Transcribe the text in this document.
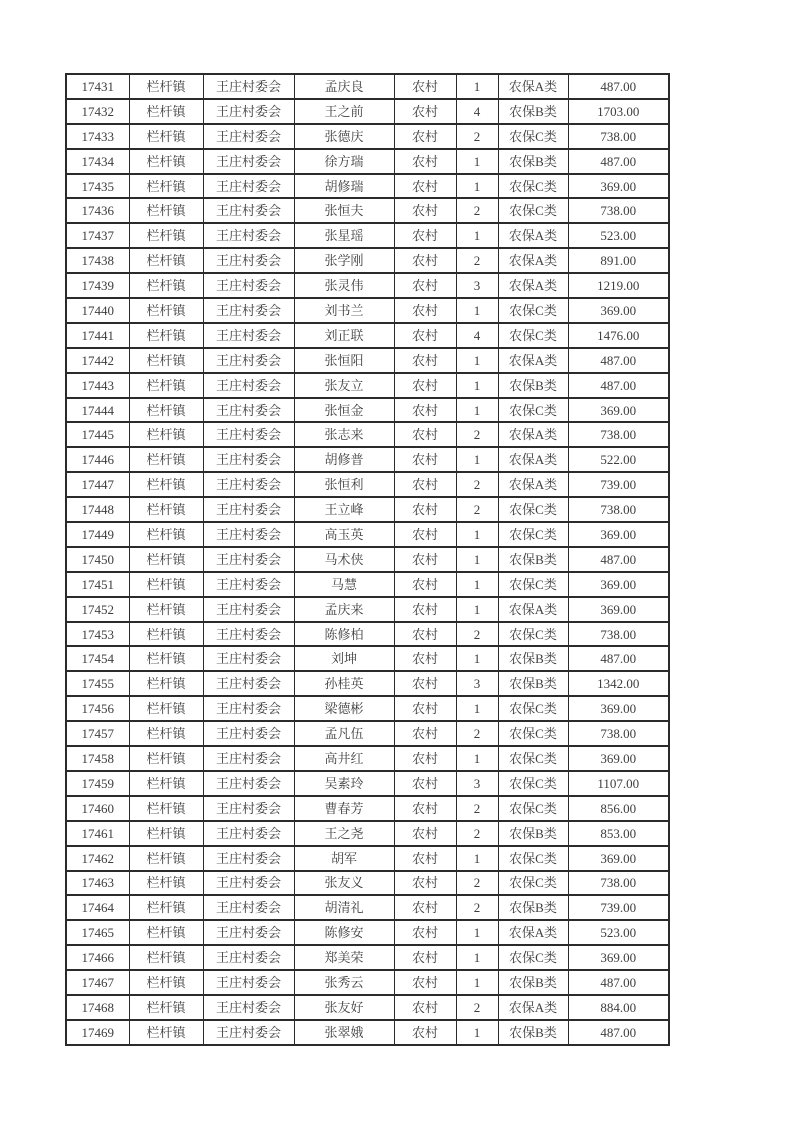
17431	栏杆镇	王庄村委会	孟庆良	农村	1	农保A类	487.00
17432	栏杆镇	王庄村委会	王之前	农村	4	农保B类	1703.00
17433	栏杆镇	王庄村委会	张德庆	农村	2	农保C类	738.00
17434	栏杆镇	王庄村委会	徐方瑞	农村	1	农保B类	487.00
17435	栏杆镇	王庄村委会	胡修瑞	农村	1	农保C类	369.00
17436	栏杆镇	王庄村委会	张恒夫	农村	2	农保C类	738.00
17437	栏杆镇	王庄村委会	张星瑶	农村	1	农保A类	523.00
17438	栏杆镇	王庄村委会	张学刚	农村	2	农保A类	891.00
17439	栏杆镇	王庄村委会	张灵伟	农村	3	农保A类	1219.00
17440	栏杆镇	王庄村委会	刘书兰	农村	1	农保C类	369.00
17441	栏杆镇	王庄村委会	刘正联	农村	4	农保C类	1476.00
17442	栏杆镇	王庄村委会	张恒阳	农村	1	农保A类	487.00
17443	栏杆镇	王庄村委会	张友立	农村	1	农保B类	487.00
17444	栏杆镇	王庄村委会	张恒金	农村	1	农保C类	369.00
17445	栏杆镇	王庄村委会	张志来	农村	2	农保A类	738.00
17446	栏杆镇	王庄村委会	胡修普	农村	1	农保A类	522.00
17447	栏杆镇	王庄村委会	张恒利	农村	2	农保A类	739.00
17448	栏杆镇	王庄村委会	王立峰	农村	2	农保C类	738.00
17449	栏杆镇	王庄村委会	高玉英	农村	1	农保C类	369.00
17450	栏杆镇	王庄村委会	马术侠	农村	1	农保B类	487.00
17451	栏杆镇	王庄村委会	马慧	农村	1	农保C类	369.00
17452	栏杆镇	王庄村委会	孟庆来	农村	1	农保A类	369.00
17453	栏杆镇	王庄村委会	陈修柏	农村	2	农保C类	738.00
17454	栏杆镇	王庄村委会	刘坤	农村	1	农保B类	487.00
17455	栏杆镇	王庄村委会	孙桂英	农村	3	农保B类	1342.00
17456	栏杆镇	王庄村委会	梁德彬	农村	1	农保C类	369.00
17457	栏杆镇	王庄村委会	孟凡伍	农村	2	农保C类	738.00
17458	栏杆镇	王庄村委会	高井红	农村	1	农保C类	369.00
17459	栏杆镇	王庄村委会	吴素玲	农村	3	农保C类	1107.00
17460	栏杆镇	王庄村委会	曹春芳	农村	2	农保C类	856.00
17461	栏杆镇	王庄村委会	王之尧	农村	2	农保B类	853.00
17462	栏杆镇	王庄村委会	胡军	农村	1	农保C类	369.00
17463	栏杆镇	王庄村委会	张友义	农村	2	农保C类	738.00
17464	栏杆镇	王庄村委会	胡清礼	农村	2	农保B类	739.00
17465	栏杆镇	王庄村委会	陈修安	农村	1	农保A类	523.00
17466	栏杆镇	王庄村委会	郑美荣	农村	1	农保C类	369.00
17467	栏杆镇	王庄村委会	张秀云	农村	1	农保B类	487.00
17468	栏杆镇	王庄村委会	张友好	农村	2	农保A类	884.00
17469	栏杆镇	王庄村委会	张翠娥	农村	1	农保B类	487.00
